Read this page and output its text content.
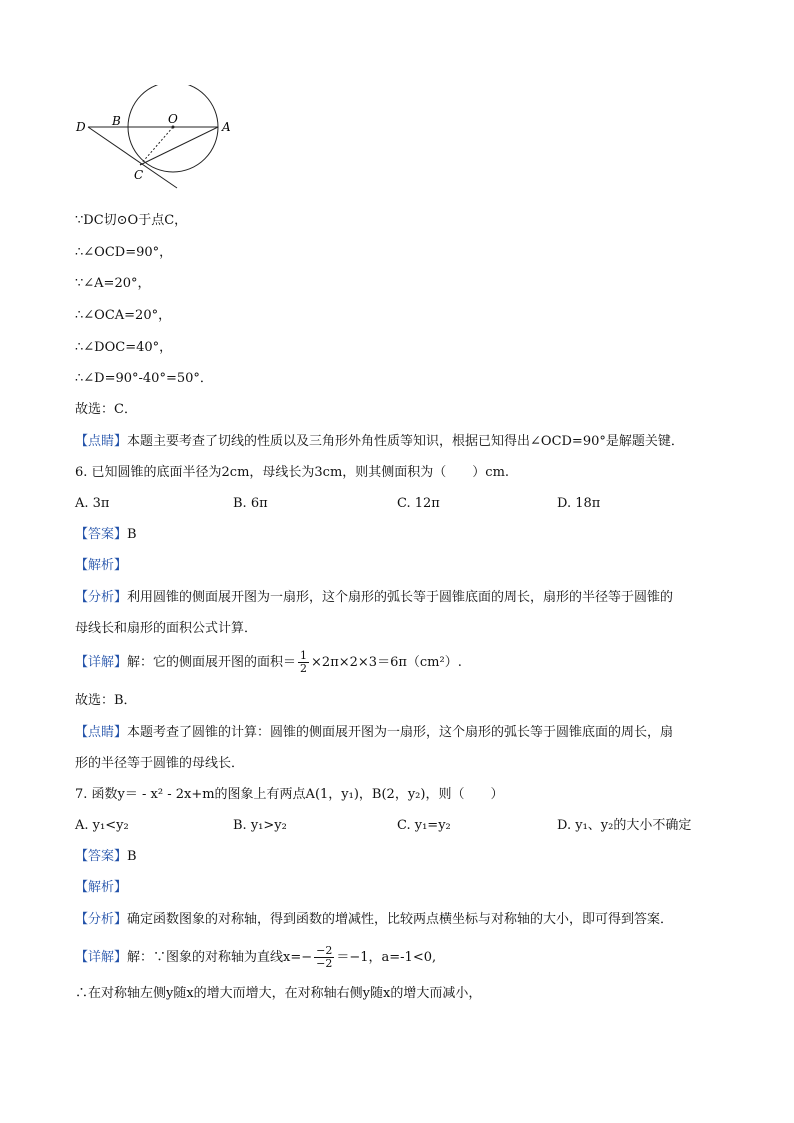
D B	O
A
C
∵DC切⊙O于点C，
∴∠OCD=90°，
∵∠A=20°，
∴∠OCA=20°，
∴∠DOC=40°，
∴∠D=90°-40°=50°．
故选：C．
【点睛】本题主要考查了切线的性质以及三角形外角性质等知识，根据已知得出∠OCD=90°是解题关键．
6. 已知圆锥的底面半径为2cm，母线长为3cm，则其侧面积为（　　）cm.
A. 3π	B. 6π	C. 12π	D. 18π
【答案】B
【解析】
【分析】利用圆锥的侧面展开图为一扇形，这个扇形的弧长等于圆锥底面的周长，扇形的半径等于圆锥的
母线长和扇形的面积公式计算．
【详解】解：它的侧面展开图的面积＝ $\frac{1}{2} \times 2\pi\times 2\times 3=6\pi(cm^2)$.
故选：B．
【点睛】本题考查了圆锥的计算：圆锥的侧面展开图为一扇形，这个扇形的弧长等于圆锥底面的周长，扇
形的半径等于圆锥的母线长．
7. 函数y＝ - x² - 2x+m的图象上有两点A(1，y₁)，B(2，y₂)，则（　　）
A. y₁<y₂	B. y₁>y₂	C. y₁=y₂	D. y₁、y₂的大小不确定
【答案】B
【解析】
【分析】确定函数图象的对称轴，得到函数的增减性，比较两点横坐标与对称轴的大小，即可得到答案．
【详解】解：∵图象的对称轴为直线$x=- \frac{-2}{-2} =-1$，a=-1<0,
∴在对称轴左侧y随x的增大而增大，在对称轴右侧y随x的增大而减小，
